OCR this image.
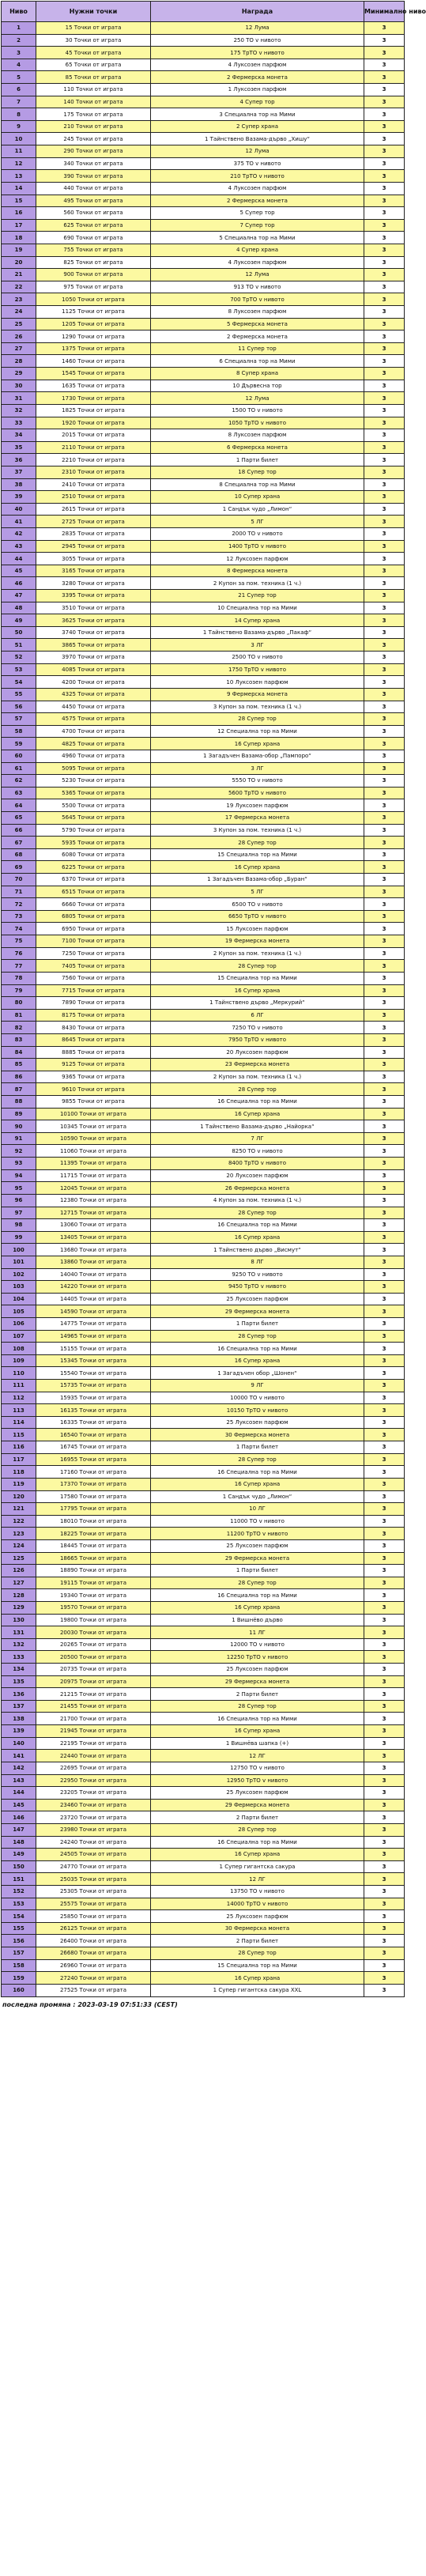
Ниво	Нужни точки	Награда	Минимално ниво
1	15 Точки от играта	12 Лума	3
2	30 Точки от играта	250 ТО v нивото	3
3	45 Точки от играта	175 ТрТО v нивото	3
4	65 Точки от играта	4 Луксозен парфюм	3
5	85 Точки от играта	2 Фермерска монета	3
6	110 Точки от играта	1 Луксозен парфюм	3
7	140 Точки от играта	4 Супер тор	3
8	175 Точки от играта	3 Специална тор на Мими	3
9	210 Точки от играта	2 Супер храна	3
10	245 Точки от играта	1 Тайнствено Вазама-дърво „Хишу“	3
11	290 Точки от играта	12 Лума	3
12	340 Точки от играта	375 ТО v нивото	3
13	390 Точки от играта	210 ТрТО v нивото	3
14	440 Точки от играта	4 Луксозен парфюм	3
15	495 Точки от играта	2 Фермерска монета	3
16	560 Точки от играта	5 Супер тор	3
17	625 Точки от играта	7 Супер тор	3
18	690 Точки от играта	5 Специална тор на Мими	3
19	755 Точки от играта	4 Супер храна	3
20	825 Точки от играта	4 Луксозен парфюм	3
21	900 Точки от играта	12 Лума	3
22	975 Точки от играта	913 ТО v нивото	3
23	1050 Точки от играта	700 ТрТО v нивото	3
24	1125 Точки от играта	8 Луксозен парфюм	3
25	1205 Точки от играта	5 Фермерска монета	3
26	1290 Точки от играта	2 Фермерска монета	3
27	1375 Точки от играта	11 Супер тор	3
28	1460 Точки от играта	6 Специална тор на Мими	3
29	1545 Точки от играта	8 Супер храна	3
30	1635 Точки от играта	10 Дървесна тор	3
31	1730 Точки от играта	12 Лума	3
32	1825 Точки от играта	1500 ТО v нивото	3
33	1920 Точки от играта	1050 ТрТО v нивото	3
34	2015 Точки от играта	8 Луксозен парфюм	3
35	2110 Точки от играта	6 Фермерска монета	3
36	2210 Точки от играта	1 Парти билет	3
37	2310 Точки от играта	18 Супер тор	3
38	2410 Точки от играта	8 Специална тор на Мими	3
39	2510 Точки от играта	10 Супер храна	3
40	2615 Точки от играта	1 Сандък чудо „Лимон“	3
41	2725 Точки от играта	5 ЛГ	3
42	2835 Точки от играта	2000 ТО v нивото	3
43	2945 Точки от играта	1400 ТрТО v нивото	3
44	3055 Точки от играта	12 Луксозен парфюм	3
45	3165 Точки от играта	8 Фермерска монета	3
46	3280 Точки от играта	2 Купон за пом. техника (1 ч.)	3
47	3395 Точки от играта	21 Супер тор	3
48	3510 Точки от играта	10 Специална тор на Мими	3
49	3625 Точки от играта	14 Супер храна	3
50	3740 Точки от играта	1 Тайнствено Вазама-дърво „Пакаф“	3
51	3865 Точки от играта	3 ЛГ	3
52	3970 Точки от играта	2500 ТО v нивото	3
53	4085 Точки от играта	1750 ТрТО v нивото	3
54	4200 Точки от играта	10 Луксозен парфюм	3
55	4325 Точки от играта	9 Фермерска монета	3
56	4450 Точки от играта	3 Купон за пом. техника (1 ч.)	3
57	4575 Точки от играта	28 Супер тор	3
58	4700 Точки от играта	12 Специална тор на Мими	3
59	4825 Точки от играта	16 Супер храна	3
60	4960 Точки от играта	1 Загадъчен Вазама-обор „Пампоро“	3
61	5095 Точки от играта	3 ЛГ	3
62	5230 Точки от играта	5550 ТО v нивото	3
63	5365 Точки от играта	5600 ТрТО v нивото	3
64	5500 Точки от играта	19 Луксозен парфюм	3
65	5645 Точки от играта	17 Фермерска монета	3
66	5790 Точки от играта	3 Купон за пом. техника (1 ч.)	3
67	5935 Точки от играта	28 Супер тор	3
68	6080 Точки от играта	15 Специална тор на Мими	3
69	6225 Точки от играта	16 Супер храна	3
70	6370 Точки от играта	1 Загадъчен Вазама-обор „Буран“	3
71	6515 Точки от играта	5 ЛГ	3
72	6660 Точки от играта	6500 ТО v нивото	3
73	6805 Точки от играта	6650 ТрТО v нивото	3
74	6950 Точки от играта	15 Луксозен парфюм	3
75	7100 Точки от играта	19 Фермерска монета	3
76	7250 Точки от играта	2 Купон за пом. техника (1 ч.)	3
77	7405 Точки от играта	28 Супер тор	3
78	7560 Точки от играта	15 Специална тор на Мими	3
79	7715 Точки от играта	16 Супер храна	3
80	7890 Точки от играта	1 Тайнствено дърво „Меркурий“	3
81	8175 Точки от играта	6 ЛГ	3
82	8430 Точки от играта	7250 ТО v нивото	3
83	8645 Точки от играта	7950 ТрТО v нивото	3
84	8885 Точки от играта	20 Луксозен парфюм	3
85	9125 Точки от играта	23 Фермерска монета	3
86	9365 Точки от играта	2 Купон за пом. техника (1 ч.)	3
87	9610 Точки от играта	28 Супер тор	3
88	9855 Точки от играта	16 Специална тор на Мими	3
89	10100 Точки от играта	16 Супер храна	3
90	10345 Точки от играта	1 Тайнствено Вазама-дърво „Найорка“	3
91	10590 Точки от играта	7 ЛГ	3
92	11060 Точки от играта	8250 ТО v нивото	3
93	11395 Точки от играта	8400 ТрТО v нивото	3
94	11715 Точки от играта	20 Луксозен парфюм	3
95	12045 Точки от играта	26 Фермерска монета	3
96	12380 Точки от играта	4 Купон за пом. техника (1 ч.)	3
97	12715 Точки от играта	28 Супер тор	3
98	13060 Точки от играта	16 Специална тор на Мими	3
99	13405 Точки от играта	16 Супер храна	3
100	13680 Точки от играта	1 Тайнствено дърво „Висмут“	3
101	13860 Точки от играта	8 ЛГ	3
102	14040 Точки от играта	9250 ТО v нивото	3
103	14220 Точки от играта	9450 ТрТО v нивото	3
104	14405 Точки от играта	25 Луксозен парфюм	3
105	14590 Точки от играта	29 Фермерска монета	3
106	14775 Точки от играта	1 Парти билет	3
107	14965 Точки от играта	28 Супер тор	3
108	15155 Точки от играта	16 Специална тор на Мими	3
109	15345 Точки от играта	16 Супер храна	3
110	15540 Точки от играта	1 Загадъчен обор „Шонен“	3
111	15735 Точки от играта	9 ЛГ	3
112	15935 Точки от играта	10000 ТО v нивото	3
113	16135 Точки от играта	10150 ТрТО v нивото	3
114	16335 Точки от играта	25 Луксозен парфюм	3
115	16540 Точки от играта	30 Фермерска монета	3
116	16745 Точки от играта	1 Парти билет	3
117	16955 Точки от играта	28 Супер тор	3
118	17160 Точки от играта	16 Специална тор на Мими	3
119	17370 Точки от играта	16 Супер храна	3
120	17580 Точки от играта	1 Сандък чудо „Лимон“	3
121	17795 Точки от играта	10 ЛГ	3
122	18010 Точки от играта	11000 ТО v нивото	3
123	18225 Точки от играта	11200 ТрТО v нивото	3
124	18445 Точки от играта	25 Луксозен парфюм	3
125	18665 Точки от играта	29 Фермерска монета	3
126	18890 Точки от играта	1 Парти билет	3
127	19115 Точки от играта	28 Супер тор	3
128	19340 Точки от играта	16 Специална тор на Мими	3
129	19570 Точки от играта	16 Супер храна	3
130	19800 Точки от играта	1 Вишнёво дърво	3
131	20030 Точки от играта	11 ЛГ	3
132	20265 Точки от играта	12000 ТО v нивото	3
133	20500 Точки от играта	12250 ТрТО v нивото	3
134	20735 Точки от играта	25 Луксозен парфюм	3
135	20975 Точки от играта	29 Фермерска монета	3
136	21215 Точки от играта	2 Парти билет	3
137	21455 Точки от играта	28 Супер тор	3
138	21700 Точки от играта	16 Специална тор на Мими	3
139	21945 Точки от играта	16 Супер храна	3
140	22195 Точки от играта	1 Вишнёва шапка (+)	3
141	22440 Точки от играта	12 ЛГ	3
142	22695 Точки от играта	12750 ТО v нивото	3
143	22950 Точки от играта	12950 ТрТО v нивото	3
144	23205 Точки от играта	25 Луксозен парфюм	3
145	23460 Точки от играта	29 Фермерска монета	3
146	23720 Точки от играта	2 Парти билет	3
147	23980 Точки от играта	28 Супер тор	3
148	24240 Точки от играта	16 Специална тор на Мими	3
149	24505 Точки от играта	16 Супер храна	3
150	24770 Точки от играта	1 Супер гигантска сакура	3
151	25035 Точки от играта	12 ЛГ	3
152	25305 Точки от играта	13750 ТО v нивото	3
153	25575 Точки от играта	14000 ТрТО v нивото	3
154	25850 Точки от играта	25 Луксозен парфюм	3
155	26125 Точки от играта	30 Фермерска монета	3
156	26400 Точки от играта	2 Парти билет	3
157	26680 Точки от играта	28 Супер тор	3
158	26960 Точки от играта	15 Специална тор на Мими	3
159	27240 Точки от играта	16 Супер храна	3
160	27525 Точки от играта	1 Супер гигантска сакура XXL	3
последна промяна : 2023-03-19 07:51:33 (CEST)
